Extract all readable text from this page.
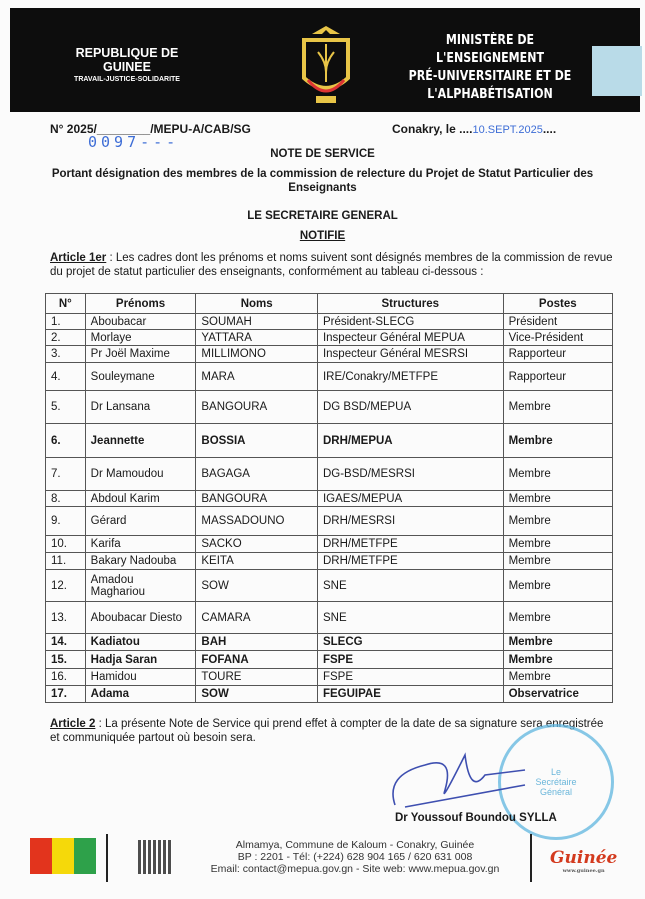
REPUBLIQUE DE GUINEE
TRAVAIL-JUSTICE-SOLIDARITE
MINISTÈRE DE L'ENSEIGNEMENT
PRÉ-UNIVERSITAIRE ET DE
L'ALPHABÉTISATION
N° 2025/________/MEPU-A/CAB/SG
0097---
Conakry, le ....10.SEPT.2025....
NOTE DE SERVICE
Portant désignation des membres de la commission de relecture du Projet de Statut Particulier des Enseignants
LE SECRETAIRE GENERAL
NOTIFIE
Article 1er : Les cadres dont les prénoms et noms suivent sont désignés membres de la commission de revue du projet de statut particulier des enseignants, conformément au tableau ci-dessous :
N°	Prénoms	Noms	Structures	Postes
1.	Aboubacar	SOUMAH	Président-SLECG	Président
2.	Morlaye	YATTARA	Inspecteur Général MEPUA	Vice-Président
3.	Pr Joël Maxime	MILLIMONO	Inspecteur Général MESRSI	Rapporteur
4.	Souleymane	MARA	IRE/Conakry/METFPE	Rapporteur
5.	Dr Lansana	BANGOURA	DG BSD/MEPUA	Membre
6.	Jeannette	BOSSIA	DRH/MEPUA	Membre
7.	Dr Mamoudou	BAGAGA	DG-BSD/MESRSI	Membre
8.	Abdoul Karim	BANGOURA	IGAES/MEPUA	Membre
9.	Gérard	MASSADOUNO	DRH/MESRSI	Membre
10.	Karifa	SACKO	DRH/METFPE	Membre
11.	Bakary Nadouba	KEITA	DRH/METFPE	Membre
12.	Amadou Maghariou	SOW	SNE	Membre
13.	Aboubacar Diesto	CAMARA	SNE	Membre
14.	Kadiatou	BAH	SLECG	Membre
15.	Hadja Saran	FOFANA	FSPE	Membre
16.	Hamidou	TOURE	FSPE	Membre
17.	Adama	SOW	FEGUIPAE	Observatrice
Article 2 : La présente Note de Service qui prend effet à compter de la date de sa signature sera enregistrée et communiquée partout où besoin sera.
Le Secrétaire Général
Dr Youssouf Boundou SYLLA
Almamya, Commune de Kaloum - Conakry, Guinée
BP : 2201 - Tél: (+224) 628 904 165 / 620 631 008
Email: contact@mepua.gov.gn - Site web: www.mepua.gov.gn
Guinée
www.guinee.gn
